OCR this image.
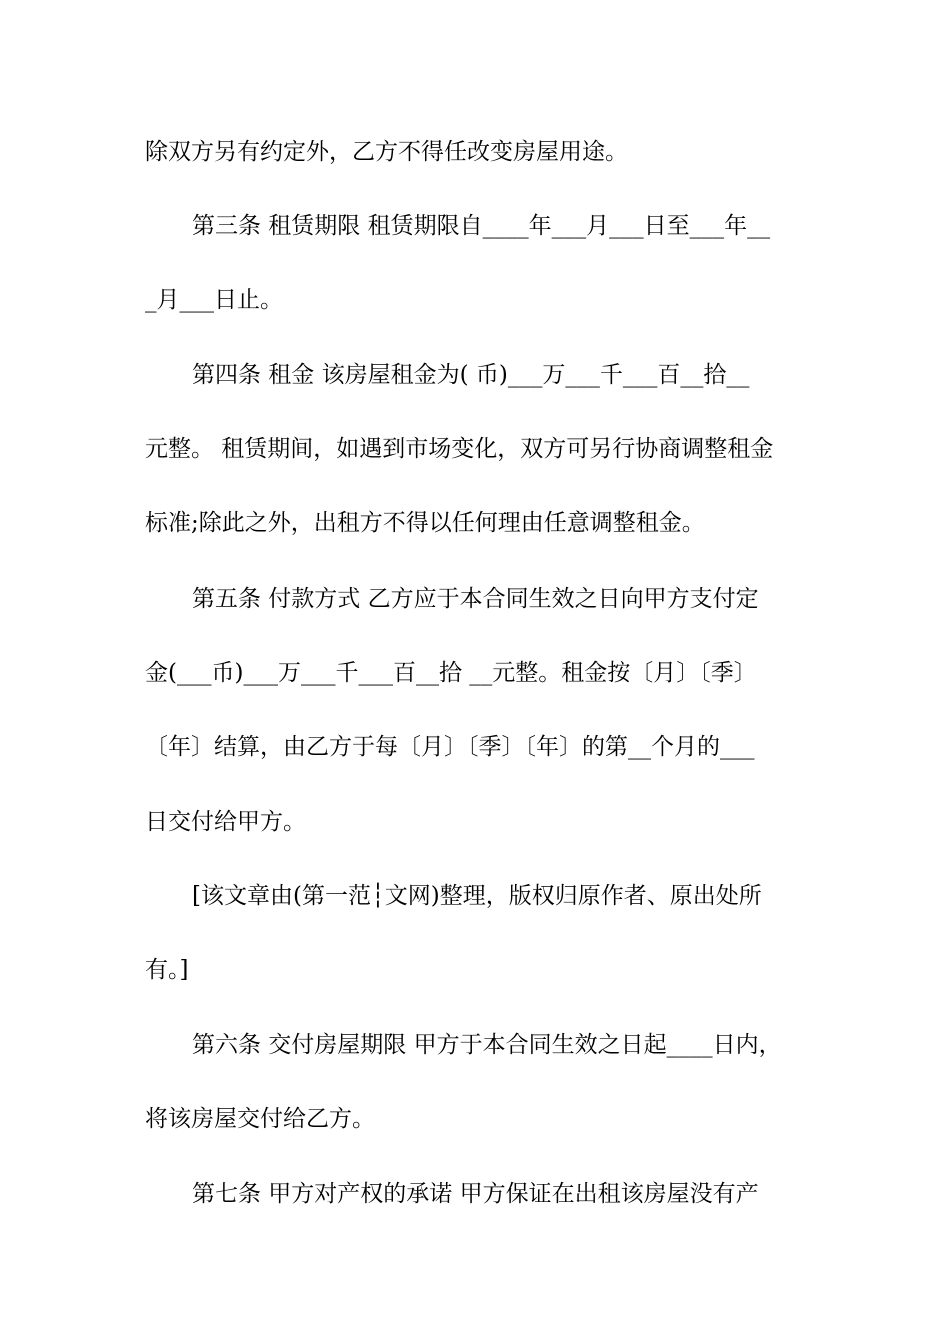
除双方另有约定外，乙方不得任改变房屋用途。
第三条 租赁期限 租赁期限自____年___月___日至___年__
_月___日止。
第四条 租金 该房屋租金为( 币)___万___千___百__拾__
元整。 租赁期间，如遇到市场变化，双方可另行协商调整租金
标准;除此之外，出租方不得以任何理由任意调整租金。
第五条 付款方式 乙方应于本合同生效之日向甲方支付定
金(___币)___万___千___百__拾 __元整。租金按〔月〕〔季〕
〔年〕结算，由乙方于每〔月〕〔季〕〔年〕的第__个月的___
日交付给甲方。
[该文章由(第一范┆文网)整理，版权归原作者、原出处所
有。]
第六条 交付房屋期限 甲方于本合同生效之日起____日内，
将该房屋交付给乙方。
第七条 甲方对产权的承诺 甲方保证在出租该房屋没有产
